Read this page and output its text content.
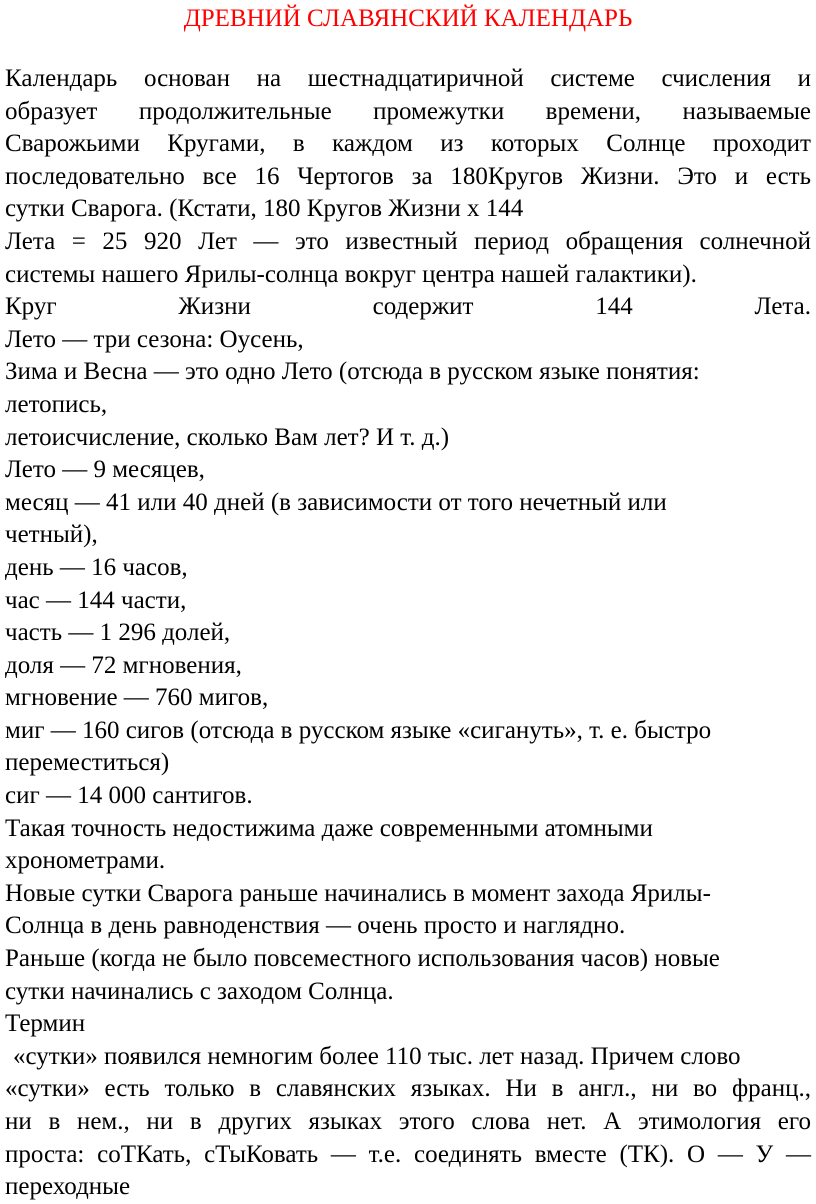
ДРЕВНИЙ СЛАВЯНСКИЙ КАЛЕНДАРЬ

Календарь основан на шестнадцатиричной системе счисления и

образует продолжительные промежутки времени, называемые

Сварожьими Кругами, в каждом из которых Солнце проходит

последовательно все 16 Чертогов за 180Кругов Жизни. Это и есть

сутки Сварога. (Кстати, 180 Кругов Жизни х 144

Лета = 25 920 Лет — это известный период обращения солнечной

системы нашего Ярилы-солнца вокруг центра нашей галактики).

Круг Жизни содержит 144 Лета.

Лето — три сезона: Оусень,

Зима и Весна — это одно Лето (отсюда в русском языке понятия:

летопись,

летоисчисление, сколько Вам лет? И т. д.)

Лето — 9 месяцев,

месяц — 41 или 40 дней (в зависимости от того нечетный или

четный),

день — 16 часов,

час — 144 части,

часть — 1 296 долей,

доля — 72 мгновения,

мгновение — 760 мигов,

миг — 160 сигов (отсюда в русском языке «сигануть», т. е. быстро

переместиться)

сиг — 14 000 сантигов.

Такая точность недостижима даже современными атомными

хронометрами.

Новые сутки Сварога раньше начинались в момент захода Ярилы-

Солнца в день равноденствия — очень просто и наглядно.

Раньше (когда не было повсеместного использования часов) новые

сутки начинались с заходом Солнца.

Термин

«сутки» появился немногим более 110 тыс. лет назад. Причем слово

«сутки» есть только в славянских языках. Ни в англ., ни во франц.,

ни в нем., ни в других языках этого слова нет. А этимология его

проста: соТКать, сТыКовать — т.е. соединять вместе (ТК). О — У —

переходные
